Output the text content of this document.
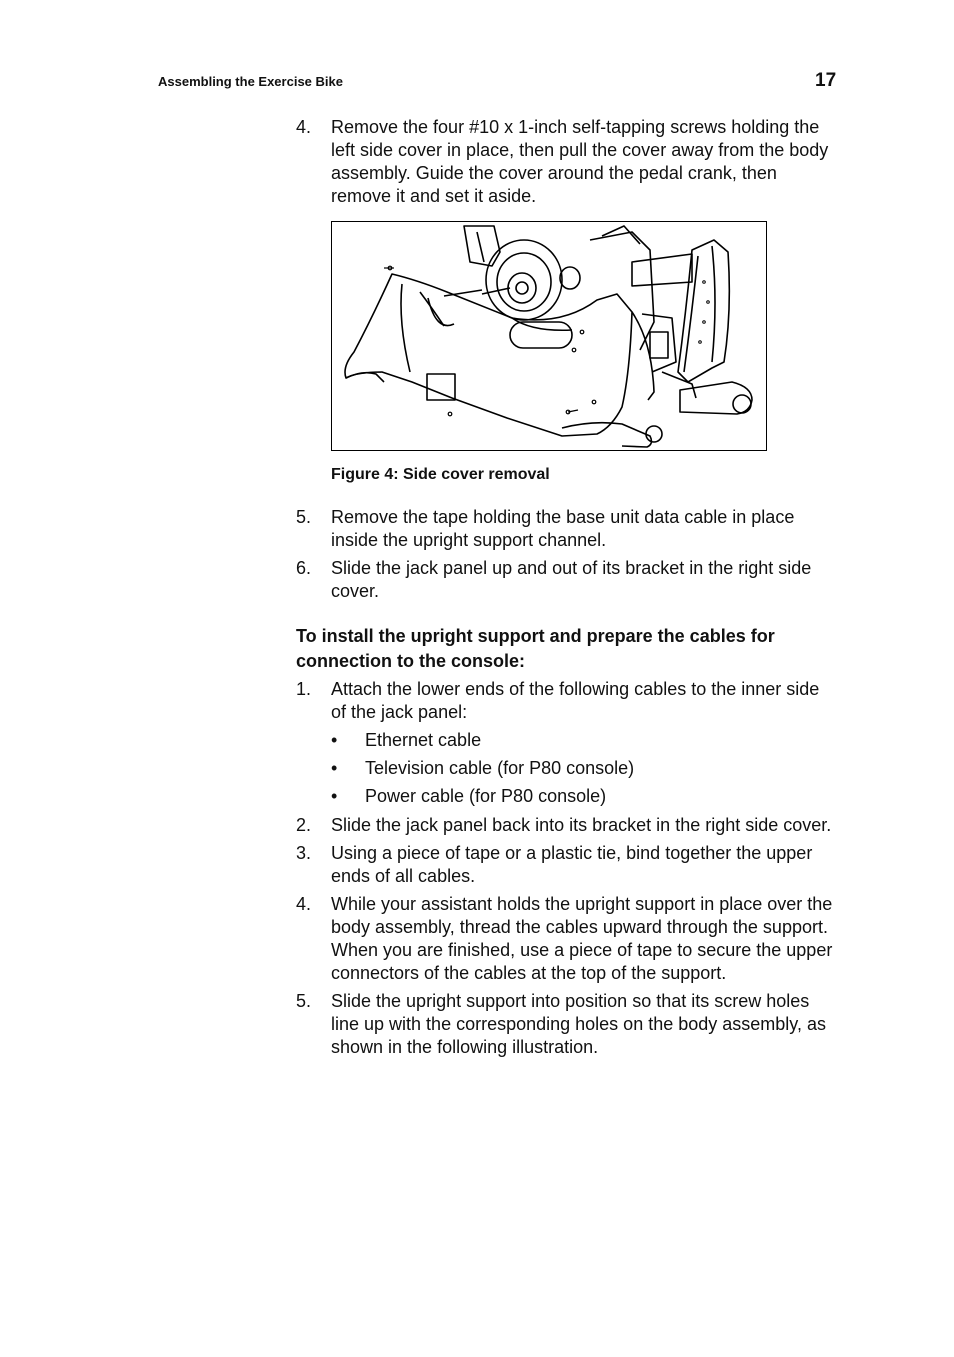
Assembling the Exercise Bike	17
4.	Remove the four #10 x 1-inch self-tapping screws holding the left side cover in place, then pull the cover away from the body assembly. Guide the cover around the pedal crank, then remove it and set it aside.
Figure 4: Side cover removal
5.	Remove the tape holding the base unit data cable in place inside the upright support channel.
6.	Slide the jack panel up and out of its bracket in the right side cover.
To install the upright support and prepare the cables for connection to the console:
1.	Attach the lower ends of the following cables to the inner side of the jack panel:
•	Ethernet cable
•	Television cable (for P80 console)
•	Power cable (for P80 console)
2.	Slide the jack panel back into its bracket in the right side cover.
3.	Using a piece of tape or a plastic tie, bind together the upper ends of all cables.
4.	While your assistant holds the upright support in place over the body assembly, thread the cables upward through the support. When you are finished, use a piece of tape to secure the upper connectors of the cables at the top of the support.
5.	Slide the upright support into position so that its screw holes line up with the corresponding holes on the body assembly, as shown in the following illustration.
